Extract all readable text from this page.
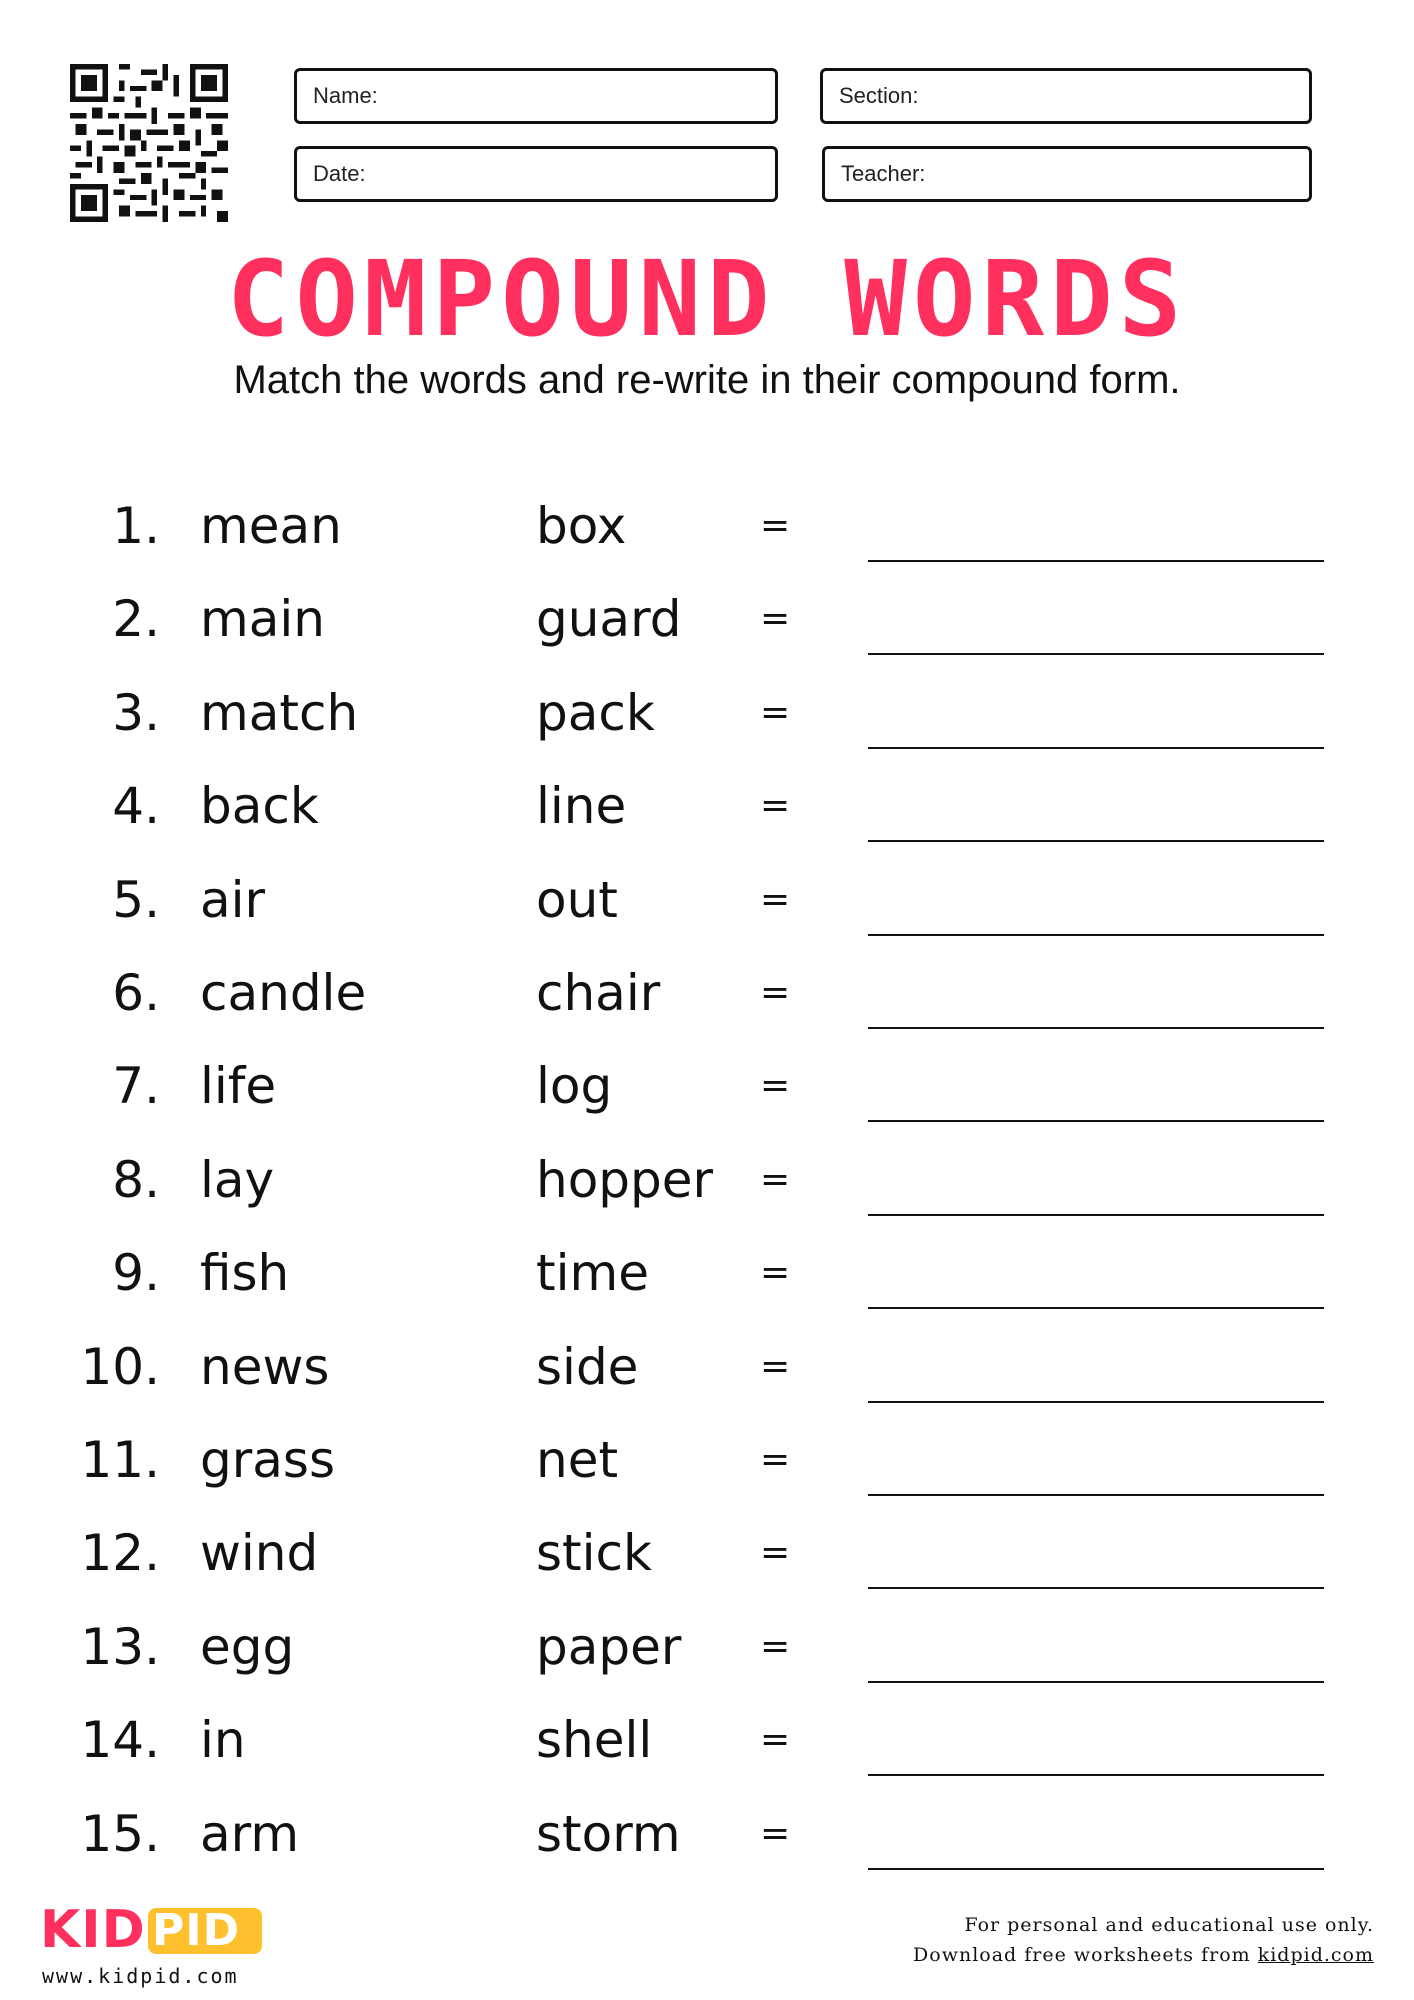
Name:	Section:
Date:	Teacher:
COMPOUND WORDS
Match the words and re-write in their compound form.
1. mean	box	=
2. main	guard =
3. match	pack	=
4. back	line	=
5. air	out	=
6. candle	chair	=
7. life	log	=
8. lay	hopper =
9. fish	time	=
10. news	side	=
11. grass	net	=
12. wind	stick	=
13. egg	paper =
14. in	shell	=
15. arm	storm =
KID PID
www.kidpid.com
For personal and educational use only.
Download free worksheets from kidpid.com
